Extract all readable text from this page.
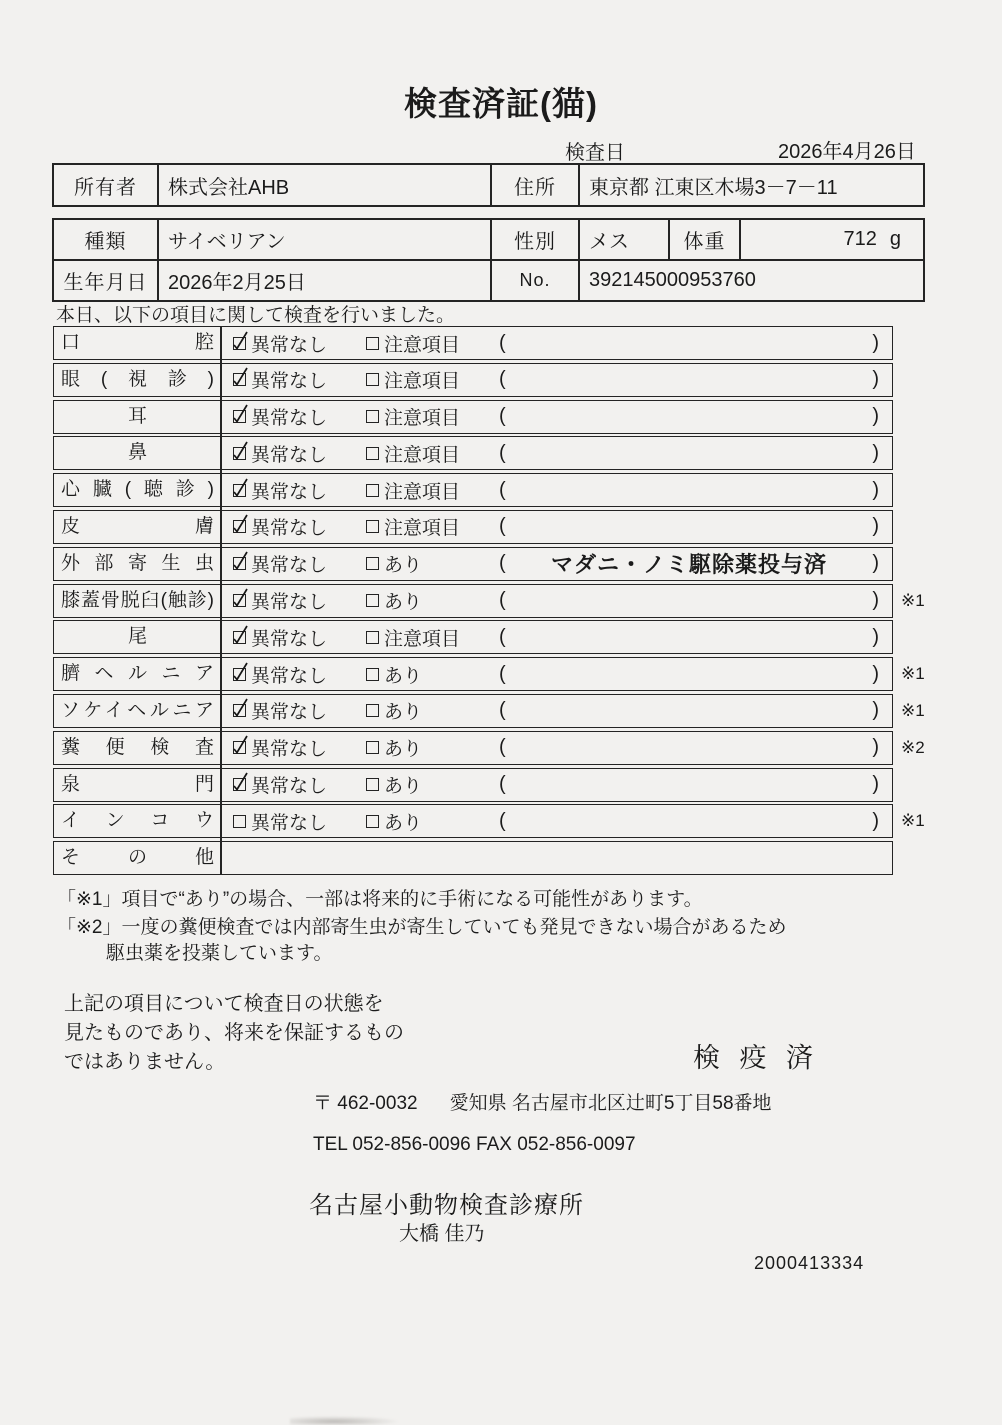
検査済証(猫)
検査日	2026年4月26日
所有者	株式会社AHB	住所	東京都 江東区木場3－7－11
種類	サイベリアン	性別	メス	体重	712 g
生年月日	2026年2月25日	No.	392145000953760
本日、以下の項目に関して検査を行いました。
口腔	異常なし	注意項目 (	)
眼(視診)	異常なし	注意項目 (	)
耳	異常なし	注意項目 (	)
鼻	異常なし	注意項目 (	)
心臓(聴診)	異常なし	注意項目 (	)
皮膚	異常なし	注意項目 (	)
外部寄生虫	異常なし	あり	(	マダニ・ノミ駆除薬投与済	)
膝蓋骨脱臼(触診)	異常なし	あり	(	) ※1
尾	異常なし	注意項目 (	)
臍ヘルニア	異常なし	あり	(	) ※1
ソケイヘルニア	異常なし	あり	(	) ※1
糞便検査	異常なし	あり	(	) ※2
泉門	異常なし	あり	(	)
インコウ	異常なし	あり	(	) ※1
その他
「※1」項目で“あり”の場合、一部は将来的に手術になる可能性があります。
「※2」一度の糞便検査では内部寄生虫が寄生していても発見できない場合があるため
駆虫薬を投薬しています。
上記の項目について検査日の状態を
見たものであり、将来を保証するもの
ではありません。	検 疫 済
〒 462-0032 愛知県 名古屋市北区辻町5丁目58番地
TEL 052-856-0096 FAX 052-856-0097
名古屋小動物検査診療所
大橋 佳乃
2000413334
